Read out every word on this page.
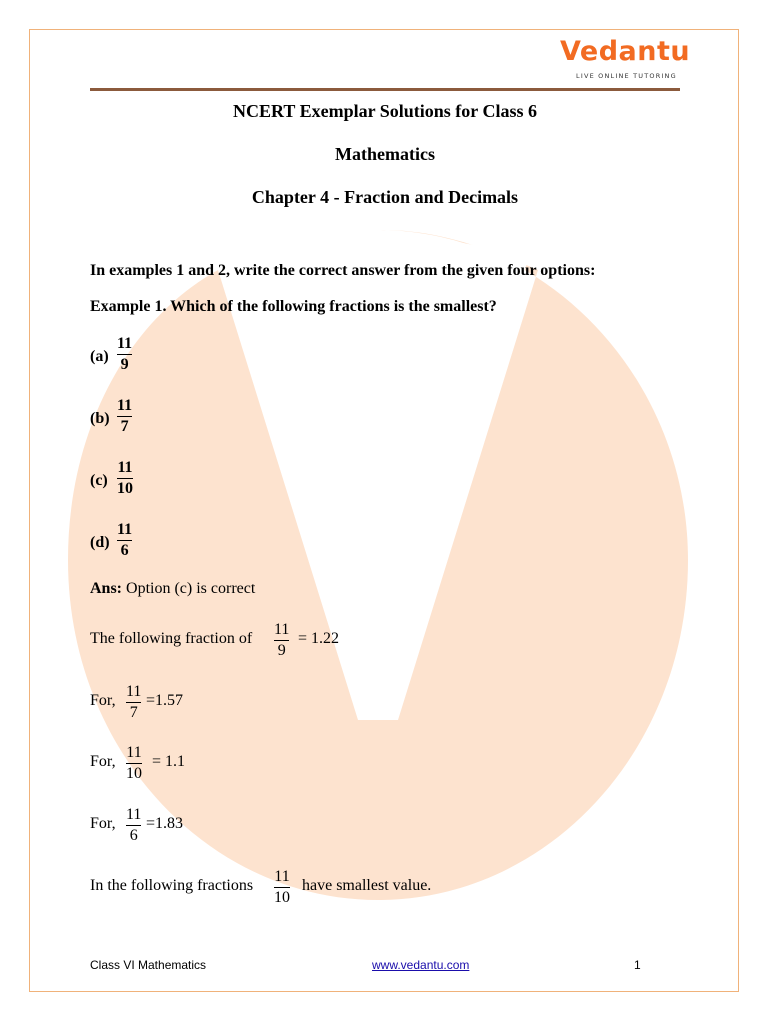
Vedantu
LIVE ONLINE TUTORING
NCERT Exemplar Solutions for Class 6
Mathematics
Chapter 4 - Fraction and Decimals
In examples 1 and 2, write the correct answer from the given four options:
Example 1. Which of the following fractions is the smallest?
(a)
11
9
(b)
11
7
(c)
11
10
(d)
11
6
Ans: Option (c) is correct
The following fraction of
11
9
= 1.22
For,
11
7
=1.57
For,
11
10
= 1.1
For,
11
6
=1.83
In the following fractions
11
10
have smallest value.
Class VI Mathematics	www.vedantu.com	1
